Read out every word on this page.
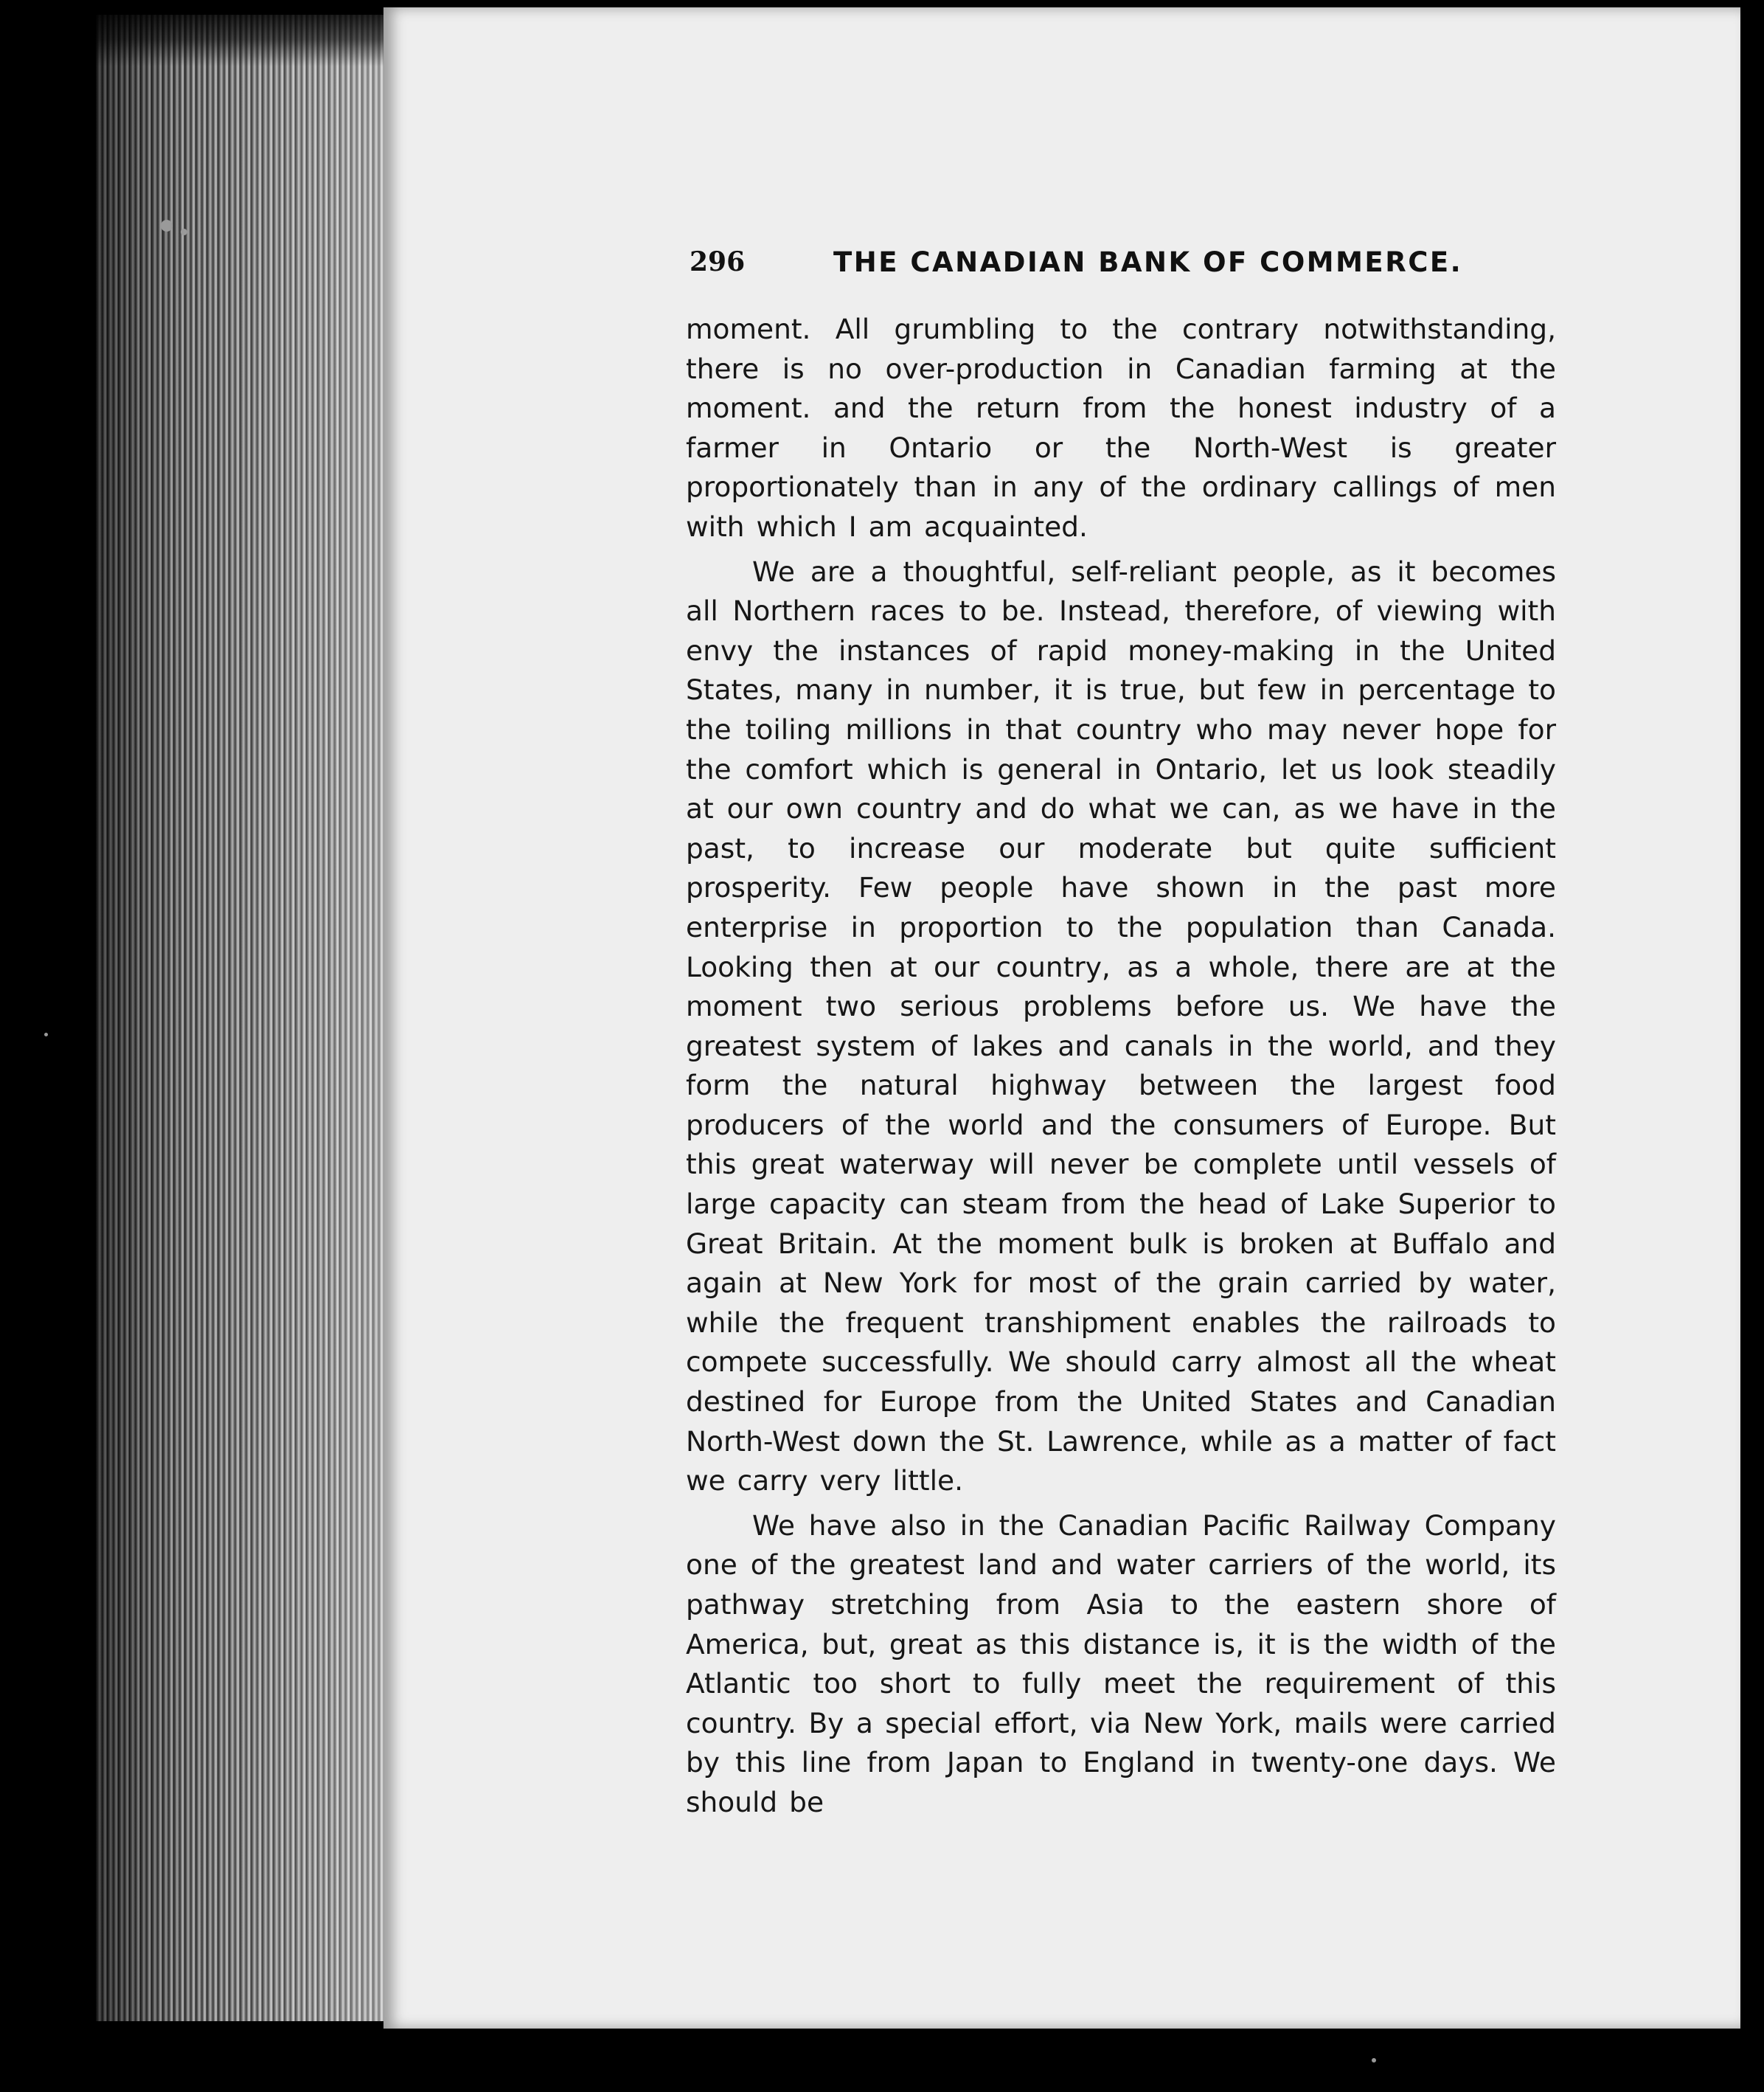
296	THE CANADIAN BANK OF COMMERCE.

moment. All grumbling to the contrary notwithstanding, there is no over-production in Canadian farming at the moment. and the return from the honest industry of a farmer in Ontario or the North-West is greater proportionately than in any of the ordinary callings of men with which I am acquainted.

We are a thoughtful, self-reliant people, as it becomes all Northern races to be. Instead, therefore, of viewing with envy the instances of rapid money-making in the United States, many in number, it is true, but few in percentage to the toiling millions in that country who may never hope for the comfort which is general in Ontario, let us look steadily at our own country and do what we can, as we have in the past, to increase our moderate but quite sufficient prosperity. Few people have shown in the past more enterprise in proportion to the population than Canada. Looking then at our country, as a whole, there are at the moment two serious problems before us. We have the greatest system of lakes and canals in the world, and they form the natural highway between the largest food producers of the world and the consumers of Europe. But this great waterway will never be complete until vessels of large capacity can steam from the head of Lake Superior to Great Britain. At the moment bulk is broken at Buffalo and again at New York for most of the grain carried by water, while the frequent transhipment enables the railroads to compete successfully. We should carry almost all the wheat destined for Europe from the United States and Canadian North-West down the St. Lawrence, while as a matter of fact we carry very little.

We have also in the Canadian Pacific Railway Company one of the greatest land and water carriers of the world, its pathway stretching from Asia to the eastern shore of America, but, great as this distance is, it is the width of the Atlantic too short to fully meet the requirement of this country. By a special effort, via New York, mails were carried by this line from Japan to England in twenty-one days. We should be
